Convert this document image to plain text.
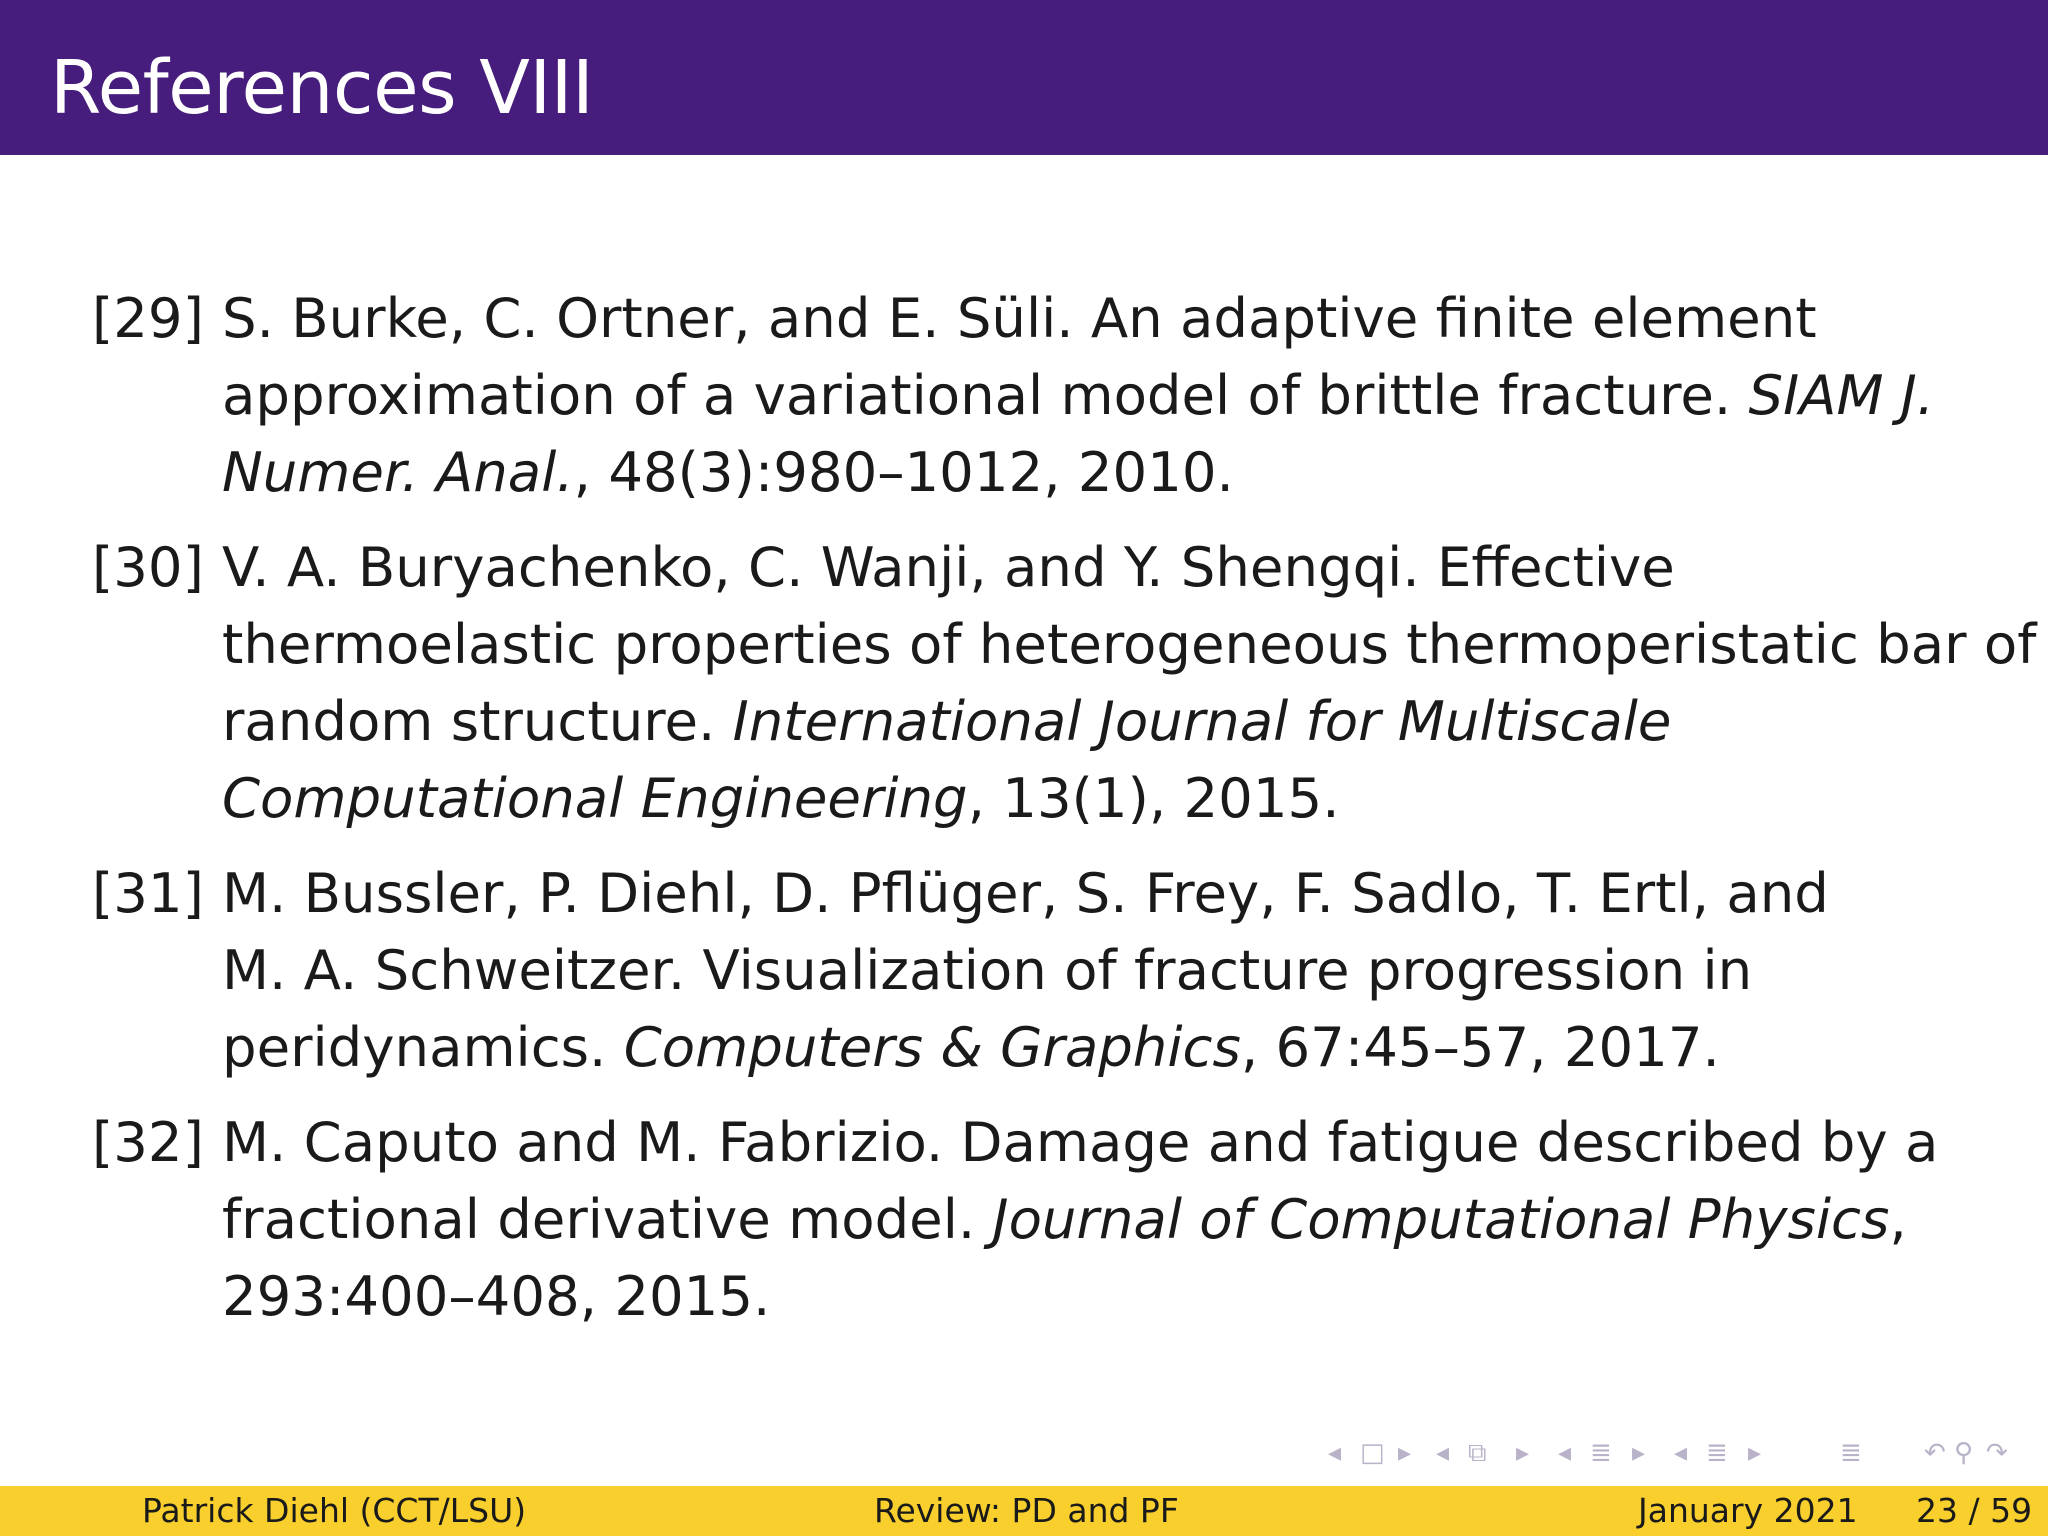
References VIII
[29] S. Burke, C. Ortner, and E. Süli. An adaptive finite element
approximation of a variational model of brittle fracture. SIAM J.
Numer. Anal., 48(3):980–1012, 2010.
[30] V. A. Buryachenko, C. Wanji, and Y. Shengqi. Effective
thermoelastic properties of heterogeneous thermoperistatic bar of
random structure. International Journal for Multiscale
Computational Engineering, 13(1), 2015.
[31] M. Bussler, P. Diehl, D. Pflüger, S. Frey, F. Sadlo, T. Ertl, and
M. A. Schweitzer. Visualization of fracture progression in
peridynamics. Computers & Graphics, 67:45–57, 2017.
[32] M. Caputo and M. Fabrizio. Damage and fatigue described by a
fractional derivative model. Journal of Computational Physics,
293:400–408, 2015.
◂ □ ▸ ◂ ⧉ ▸ ◂ ≣ ▸ ◂ ≣ ▸	≣ ↶ ⚲ ↷
Patrick Diehl (CCT/LSU)	Review: PD and PF	January 2021 23 / 59
